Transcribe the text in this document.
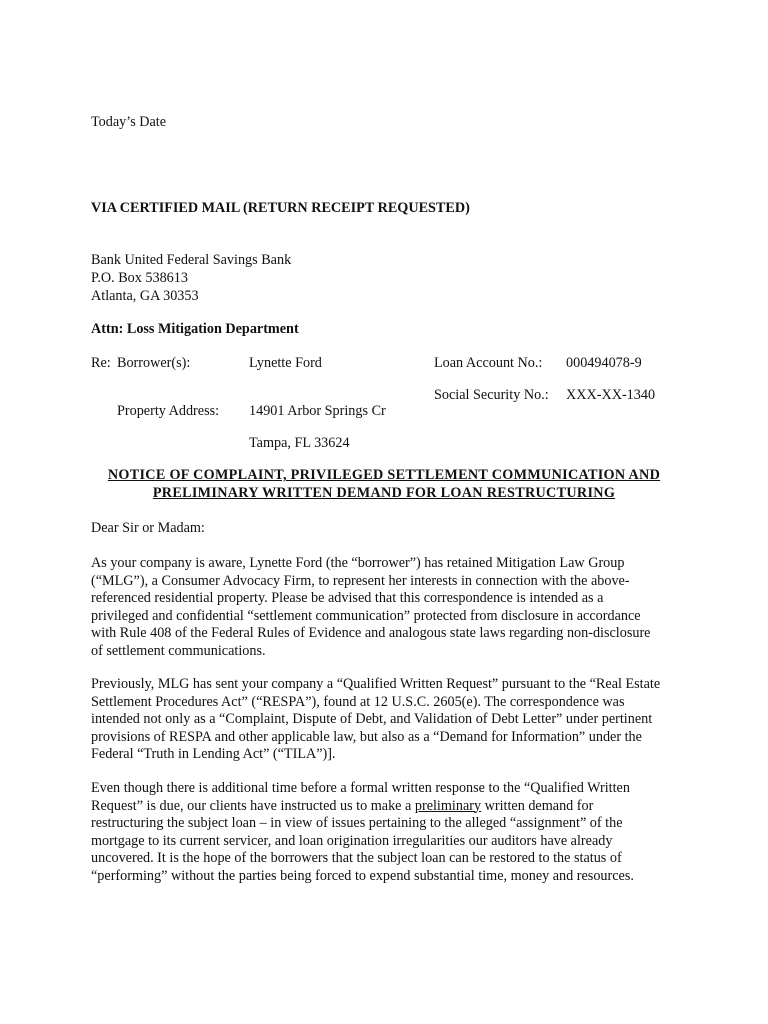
Today’s Date
VIA CERTIFIED MAIL (RETURN RECEIPT REQUESTED)
Bank United Federal Savings Bank
P.O. Box 538613
Atlanta, GA 30353
Attn: Loss Mitigation Department
Re: Borrower(s):	Lynette Ford	Loan Account No.: 000494078-9
Social Security No.: XXX-XX-1340
Property Address: 14901 Arbor Springs Cr
Tampa, FL 33624
NOTICE OF COMPLAINT, PRIVILEGED SETTLEMENT COMMUNICATION AND
PRELIMINARY WRITTEN DEMAND FOR LOAN RESTRUCTURING
Dear Sir or Madam:
As your company is aware, Lynette Ford (the “borrower”) has retained Mitigation Law Group
(“MLG”), a Consumer Advocacy Firm, to represent her interests in connection with the above-
referenced residential property. Please be advised that this correspondence is intended as a
privileged and confidential “settlement communication” protected from disclosure in accordance
with Rule 408 of the Federal Rules of Evidence and analogous state laws regarding non-disclosure
of settlement communications.
Previously, MLG has sent your company a “Qualified Written Request” pursuant to the “Real Estate
Settlement Procedures Act” (“RESPA”), found at 12 U.S.C. 2605(e). The correspondence was
intended not only as a “Complaint, Dispute of Debt, and Validation of Debt Letter” under pertinent
provisions of RESPA and other applicable law, but also as a “Demand for Information” under the
Federal “Truth in Lending Act” (“TILA”)].
Even though there is additional time before a formal written response to the “Qualified Written
Request” is due, our clients have instructed us to make a preliminary written demand for
restructuring the subject loan – in view of issues pertaining to the alleged “assignment” of the
mortgage to its current servicer, and loan origination irregularities our auditors have already
uncovered. It is the hope of the borrowers that the subject loan can be restored to the status of
“performing” without the parties being forced to expend substantial time, money and resources.
